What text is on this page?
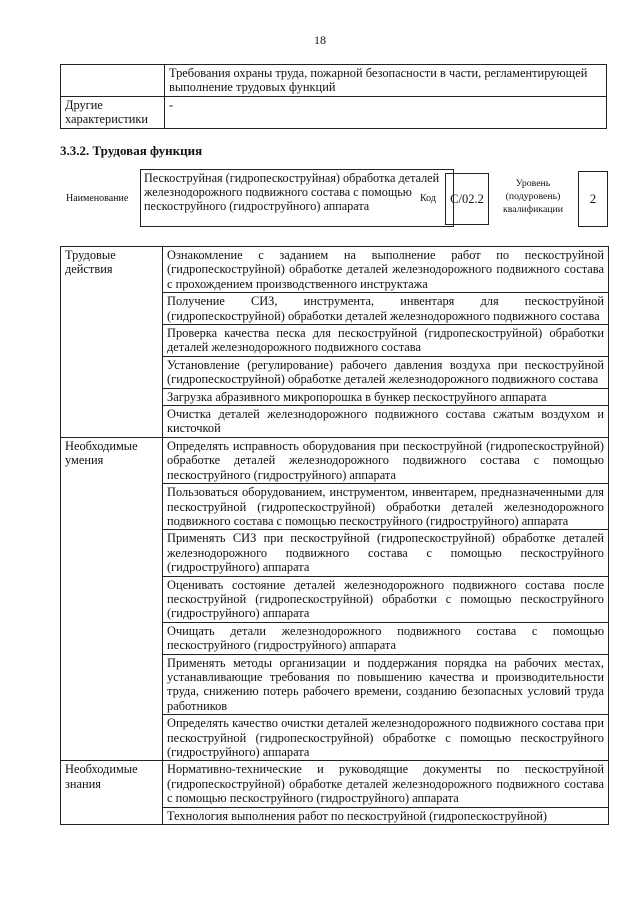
18
	Требования охраны труда, пожарной безопасности в части, регламентирующей выполнение трудовых функций
Другие характеристики	-
3.3.2. Трудовая функция
Наименование
Пескоструйная (гидропескоструйная) обработка деталей железнодорожного подвижного состава с помощью пескоструйного (гидроструйного) аппарата
Код	C/02.2
Уровень (подуровень) квалификации
2
Трудовые действия	Ознакомление с заданием на выполнение работ по пескоструйной (гидропескоструйной) обработке деталей железнодорожного подвижного состава с прохождением производственного инструктажа
	Получение СИЗ, инструмента, инвентаря для пескоструйной (гидропескоструйной) обработки деталей железнодорожного подвижного состава
	Проверка качества песка для пескоструйной (гидропескоструйной) обработки деталей железнодорожного подвижного состава
	Установление (регулирование) рабочего давления воздуха при пескоструйной (гидропескоструйной) обработке деталей железнодорожного подвижного состава
	Загрузка абразивного микропорошка в бункер пескоструйного аппарата
	Очистка деталей железнодорожного подвижного состава сжатым воздухом и кисточкой
Необходимые умения	Определять исправность оборудования при пескоструйной (гидропескоструйной) обработке деталей железнодорожного подвижного состава с помощью пескоструйного (гидроструйного) аппарата
	Пользоваться оборудованием, инструментом, инвентарем, предназначенными для пескоструйной (гидропескоструйной) обработки деталей железнодорожного подвижного состава с помощью пескоструйного (гидроструйного) аппарата
	Применять СИЗ при пескоструйной (гидропескоструйной) обработке деталей железнодорожного подвижного состава с помощью пескоструйного (гидроструйного) аппарата
	Оценивать состояние деталей железнодорожного подвижного состава после пескоструйной (гидропескоструйной) обработки с помощью пескоструйного (гидроструйного) аппарата
	Очищать детали железнодорожного подвижного состава с помощью пескоструйного (гидроструйного) аппарата
	Применять методы организации и поддержания порядка на рабочих местах, устанавливающие требования по повышению качества и производительности труда, снижению потерь рабочего времени, созданию безопасных условий труда работников
	Определять качество очистки деталей железнодорожного подвижного состава при пескоструйной (гидропескоструйной) обработке с помощью пескоструйного (гидроструйного) аппарата
Необходимые знания	Нормативно-технические и руководящие документы по пескоструйной (гидропескоструйной) обработке деталей железнодорожного подвижного состава с помощью пескоструйного (гидроструйного) аппарата
	Технология выполнения работ по пескоструйной (гидропескоструйной)
